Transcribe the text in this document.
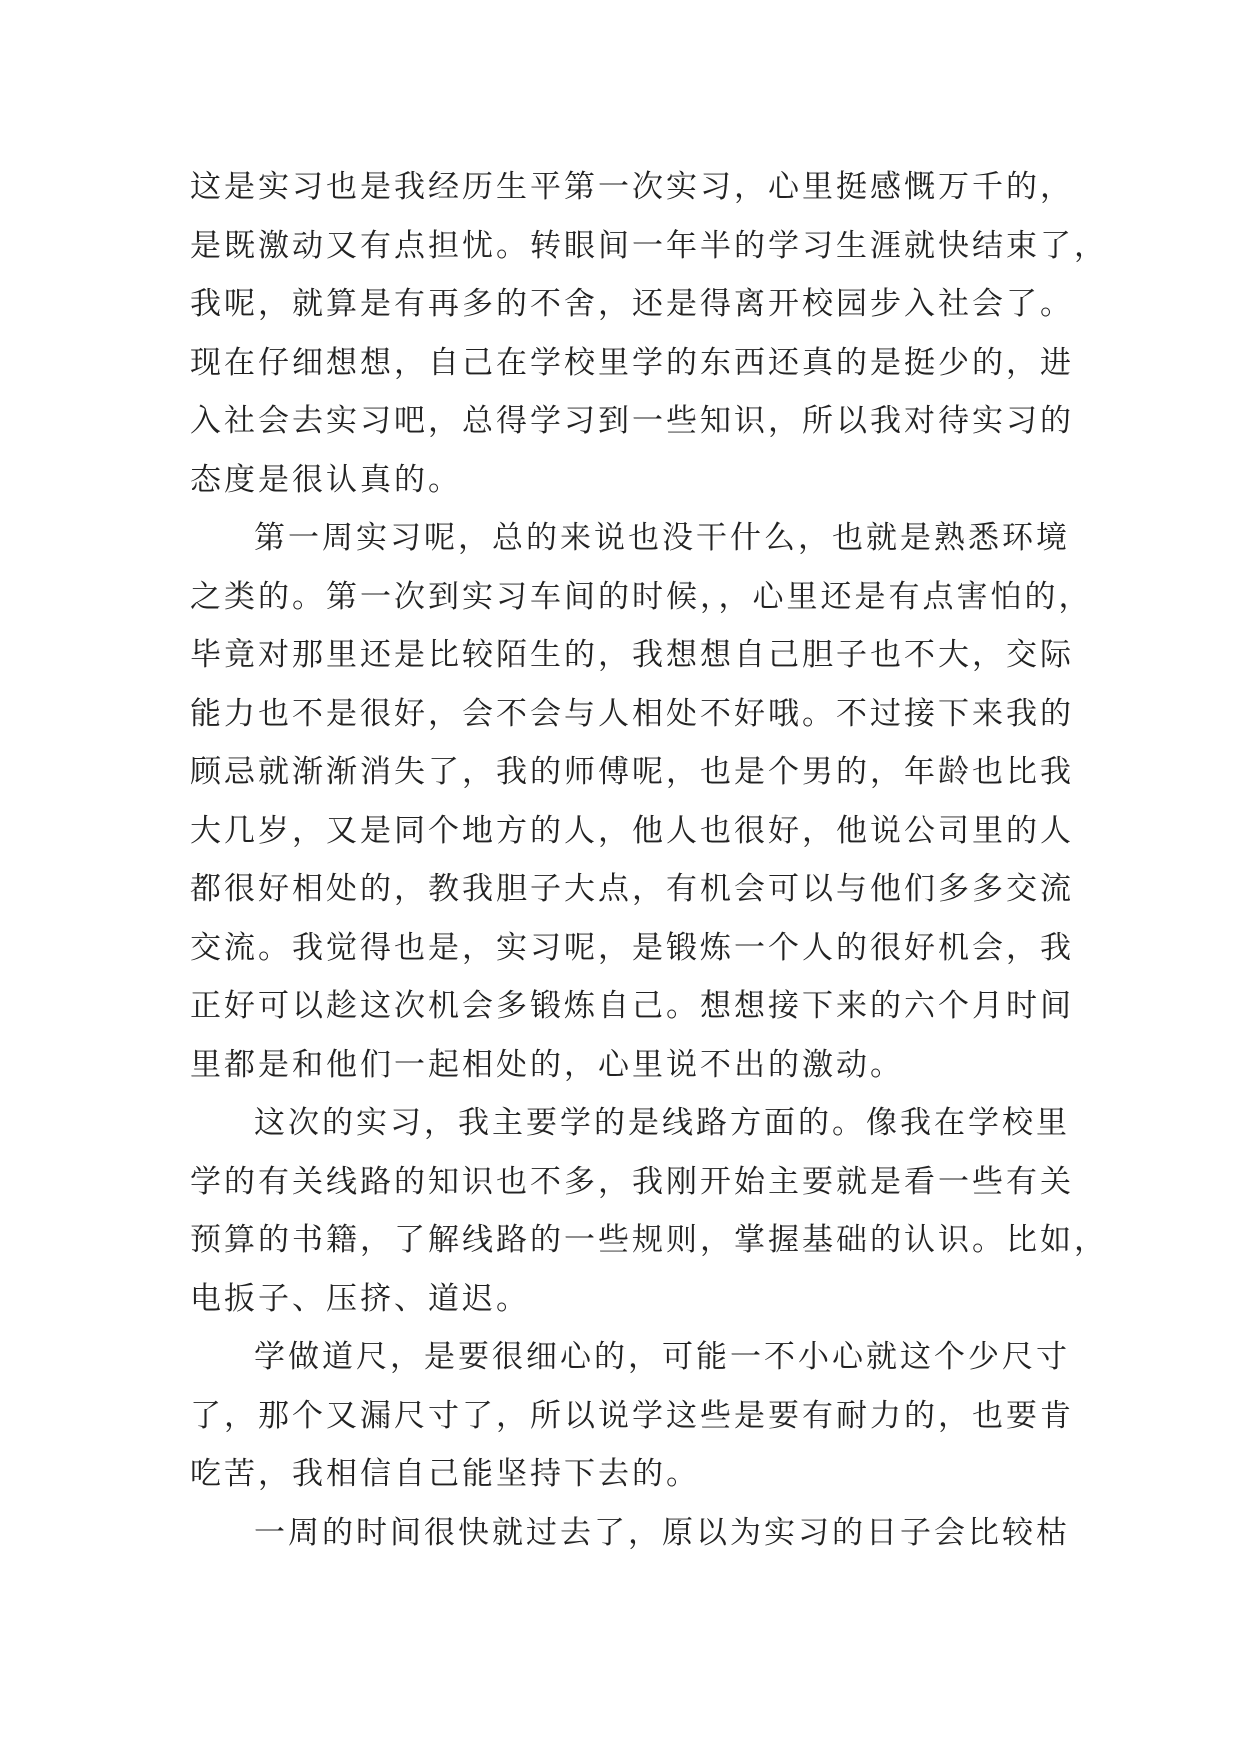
这是实习也是我经历生平第一次实习，心里挺感慨万千的，
是既激动又有点担忧。转眼间一年半的学习生涯就快结束了，
我呢，就算是有再多的不舍，还是得离开校园步入社会了。
现在仔细想想，自己在学校里学的东西还真的是挺少的，进
入社会去实习吧，总得学习到一些知识，所以我对待实习的
态度是很认真的。
第一周实习呢，总的来说也没干什么，也就是熟悉环境
之类的。第一次到实习车间的时候，，心里还是有点害怕的，
毕竟对那里还是比较陌生的，我想想自己胆子也不大，交际
能力也不是很好，会不会与人相处不好哦。不过接下来我的
顾忌就渐渐消失了，我的师傅呢，也是个男的，年龄也比我
大几岁，又是同个地方的人，他人也很好，他说公司里的人
都很好相处的，教我胆子大点，有机会可以与他们多多交流
交流。我觉得也是，实习呢，是锻炼一个人的很好机会，我
正好可以趁这次机会多锻炼自己。想想接下来的六个月时间
里都是和他们一起相处的，心里说不出的激动。
这次的实习，我主要学的是线路方面的。像我在学校里
学的有关线路的知识也不多，我刚开始主要就是看一些有关
预算的书籍，了解线路的一些规则，掌握基础的认识。比如，
电扳子、压挤、道迟。
学做道尺，是要很细心的，可能一不小心就这个少尺寸
了，那个又漏尺寸了，所以说学这些是要有耐力的，也要肯
吃苦，我相信自己能坚持下去的。
一周的时间很快就过去了，原以为实习的日子会比较枯
